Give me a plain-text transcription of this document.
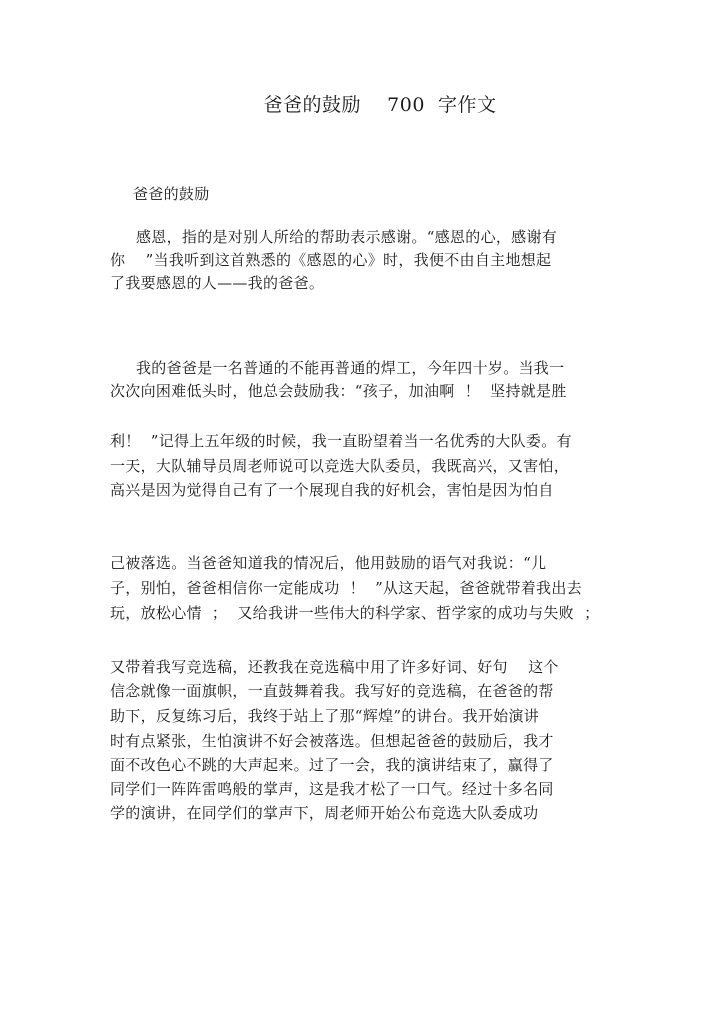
爸爸的鼓励    700  字作文
爸爸的鼓励
感恩，指的是对别人所给的帮助表示感谢。“感恩的心，感谢有
你    ”当我听到这首熟悉的《感恩的心》时，我便不由自主地想起
了我要感恩的人——我的爸爸。
我的爸爸是一名普通的不能再普通的焊工，今年四十岁。当我一
次次向困难低头时，他总会鼓励我：“孩子，加油啊  ！  坚持就是胜
利！  ”记得上五年级的时候，我一直盼望着当一名优秀的大队委。有
一天，大队辅导员周老师说可以竞选大队委员，我既高兴，又害怕，
高兴是因为觉得自己有了一个展现自我的好机会，害怕是因为怕自
己被落选。当爸爸知道我的情况后，他用鼓励的语气对我说：“儿
子，别怕，爸爸相信你一定能成功  ！  ”从这天起，爸爸就带着我出去
玩，放松心情  ；  又给我讲一些伟大的科学家、哲学家的成功与失败  ；
又带着我写竞选稿，还教我在竞选稿中用了许多好词、好句    这个
信念就像一面旗帜，一直鼓舞着我。我写好的竞选稿，在爸爸的帮
助下，反复练习后，我终于站上了那“辉煌”的讲台。我开始演讲
时有点紧张，生怕演讲不好会被落选。但想起爸爸的鼓励后，我才
面不改色心不跳的大声起来。过了一会，我的演讲结束了，赢得了
同学们一阵阵雷鸣般的掌声，这是我才松了一口气。经过十多名同
学的演讲，在同学们的掌声下，周老师开始公布竞选大队委成功
